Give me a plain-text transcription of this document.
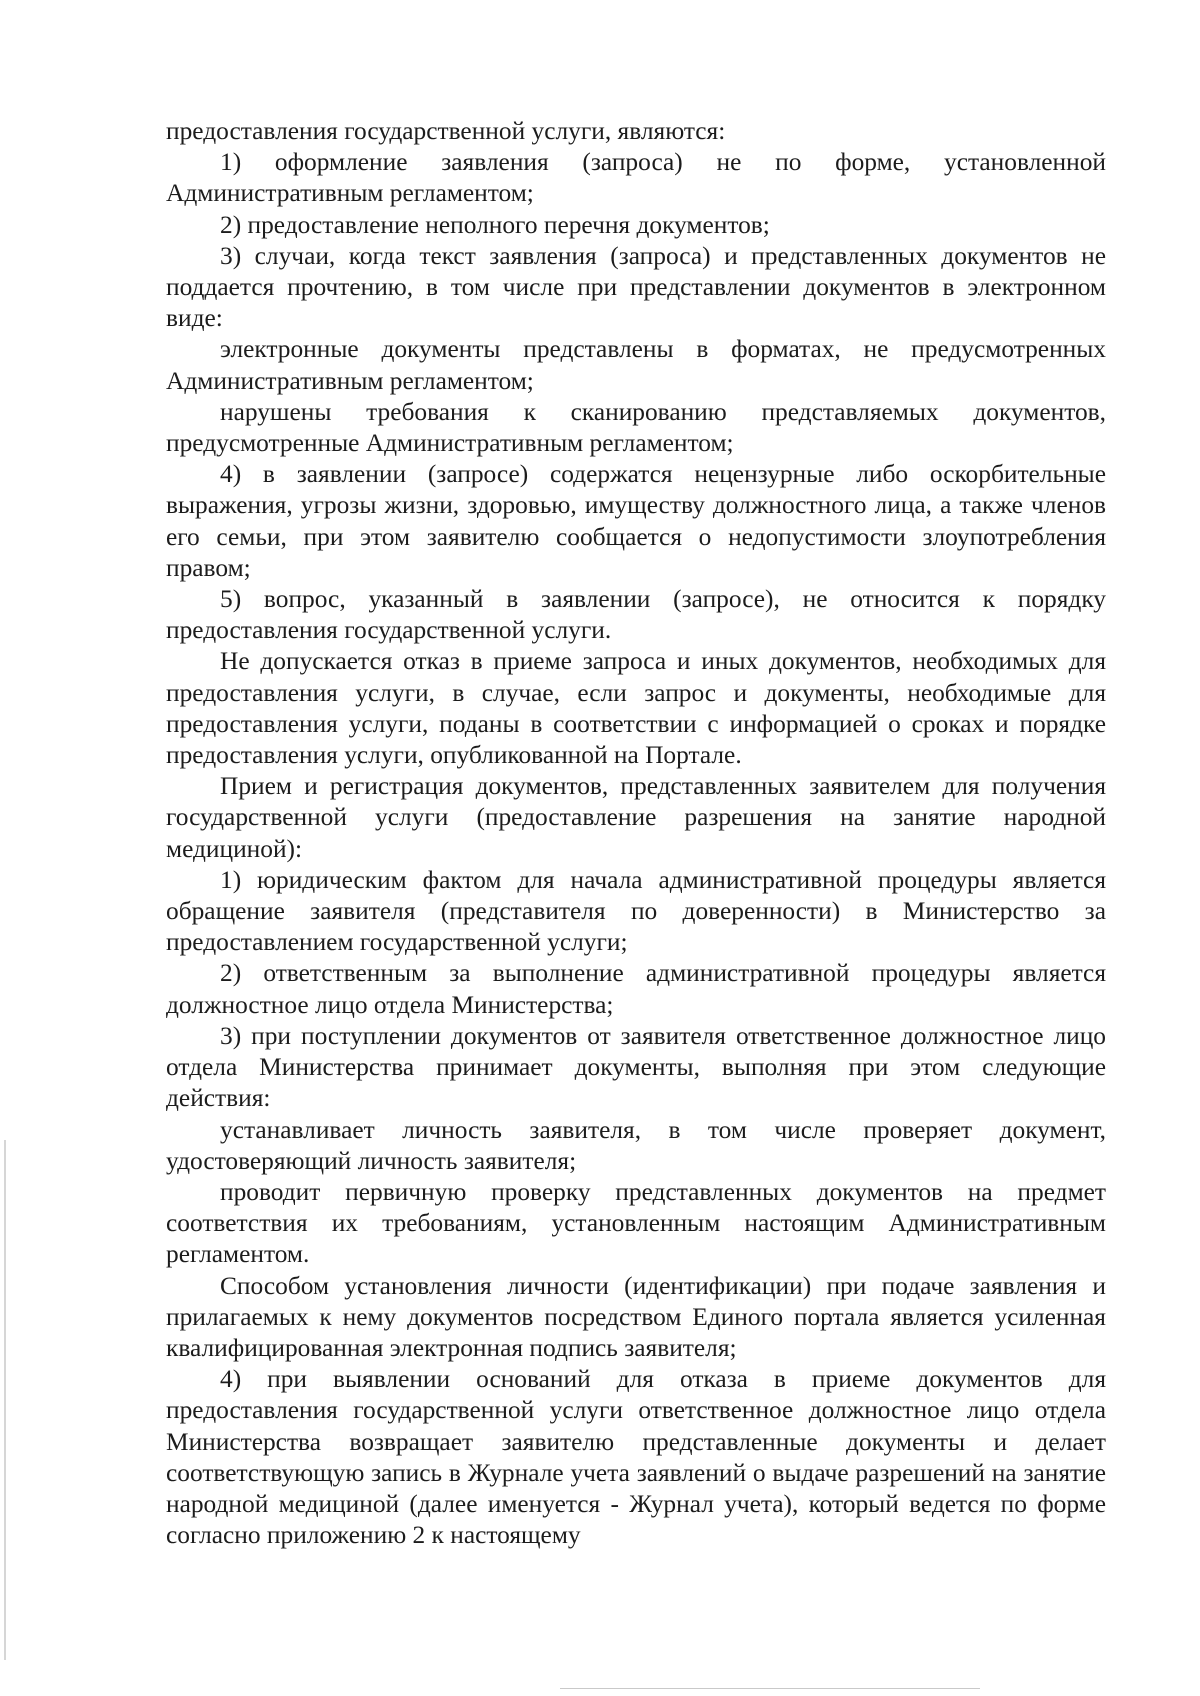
предоставления государственной услуги, являются:

1) оформление заявления (запроса) не по форме, установленной Административным регламентом;

2) предоставление неполного перечня документов;

3) случаи, когда текст заявления (запроса) и представленных документов не поддается прочтению, в том числе при представлении документов в электронном виде:

электронные документы представлены в форматах, не предусмотренных Административным регламентом;

нарушены требования к сканированию представляемых документов, предусмотренные Административным регламентом;

4) в заявлении (запросе) содержатся нецензурные либо оскорбительные выражения, угрозы жизни, здоровью, имуществу должностного лица, а также членов его семьи, при этом заявителю сообщается о недопустимости злоупотребления правом;

5) вопрос, указанный в заявлении (запросе), не относится к порядку предоставления государственной услуги.

Не допускается отказ в приеме запроса и иных документов, необходимых для предоставления услуги, в случае, если запрос и документы, необходимые для предоставления услуги, поданы в соответствии с информацией о сроках и порядке предоставления услуги, опубликованной на Портале.

Прием и регистрация документов, представленных заявителем для получения государственной услуги (предоставление разрешения на занятие народной медициной):

1) юридическим фактом для начала административной процедуры является обращение заявителя (представителя по доверенности) в Министерство за предоставлением государственной услуги;

2) ответственным за выполнение административной процедуры является должностное лицо отдела Министерства;

3) при поступлении документов от заявителя ответственное должностное лицо отдела Министерства принимает документы, выполняя при этом следующие действия:

устанавливает личность заявителя, в том числе проверяет документ, удостоверяющий личность заявителя;

проводит первичную проверку представленных документов на предмет соответствия их требованиям, установленным настоящим Административным регламентом.

Способом установления личности (идентификации) при подаче заявления и прилагаемых к нему документов посредством Единого портала является усиленная квалифицированная электронная подпись заявителя;

4) при выявлении оснований для отказа в приеме документов для предоставления государственной услуги ответственное должностное лицо отдела Министерства возвращает заявителю представленные документы и делает соответствующую запись в Журнале учета заявлений о выдаче разрешений на занятие народной медициной (далее именуется - Журнал учета), который ведется по форме согласно приложению 2 к настоящему
